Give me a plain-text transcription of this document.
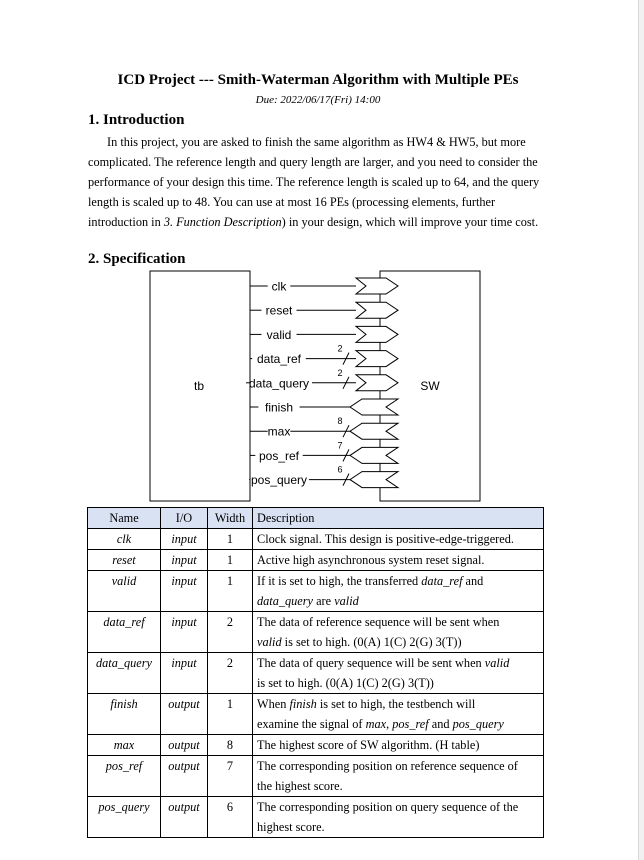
ICD Project --- Smith-Waterman Algorithm with Multiple PEs
Due: 2022/06/17(Fri) 14:00
1. Introduction

In this project, you are asked to finish the same algorithm as HW4 & HW5, but more complicated. The reference length and query length are larger, and you need to consider the performance of your design this time. The reference length is scaled up to 64, and the query length is scaled up to 48. You can use at most 16 PEs (processing elements, further introduction in 3. Function Description) in your design, which will improve your time cost.

2. Specification
tb	SW
clk
reset
valid
data_ref
2
data_query
2
finish
max
8
pos_ref
7
pos_query
6
Name	I/O	Width	Description
clk	input	1	Clock signal. This design is positive-edge-triggered.

reset	input	1	Active high asynchronous system reset signal.

valid	input	1	If it is set to high, the transferred data_ref and
data_query are valid

data_ref	input	2	The data of reference sequence will be sent when
valid is set to high. (0(A) 1(C) 2(G) 3(T))

data_query	input	2	The data of query sequence will be sent when valid
is set to high. (0(A) 1(C) 2(G) 3(T))

finish	output	1	When finish is set to high, the testbench will
examine the signal of max, pos_ref and pos_query

max	output	8	The highest score of SW algorithm. (H table)

pos_ref	output	7	The corresponding position on reference sequence of
the highest score.

pos_query	output	6	The corresponding position on query sequence of the
highest score.
